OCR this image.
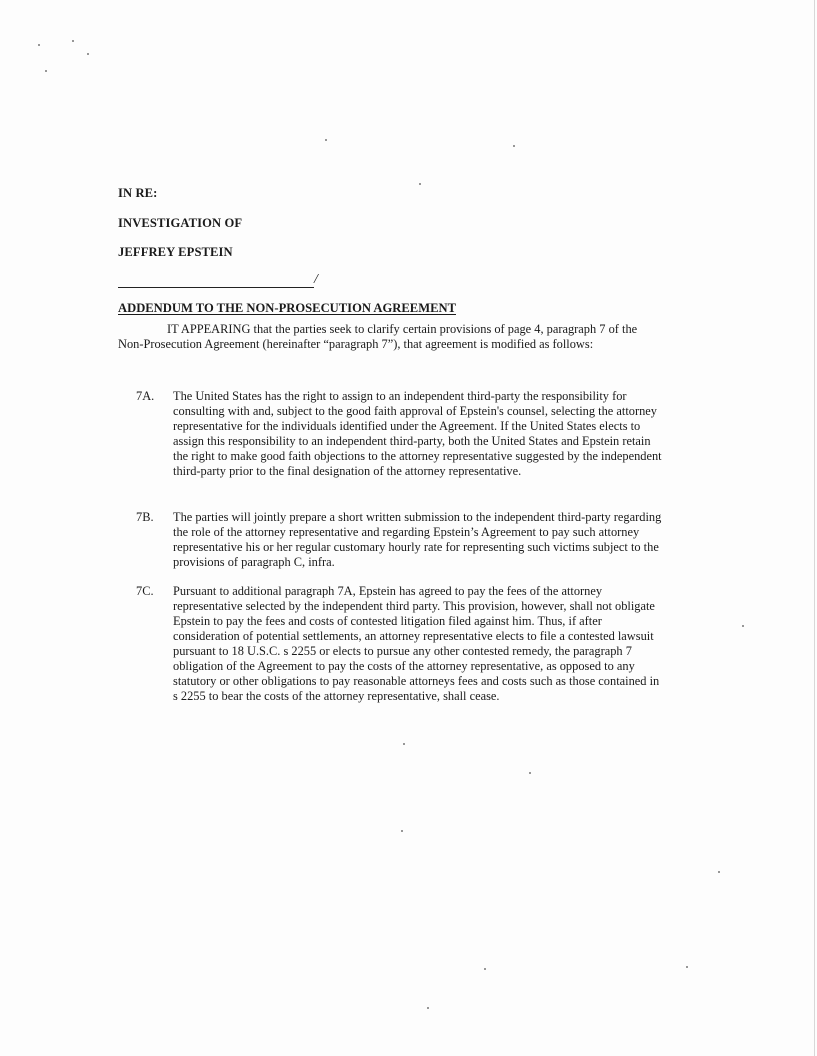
IN RE:
INVESTIGATION OF
JEFFREY EPSTEIN
/
ADDENDUM TO THE NON-PROSECUTION AGREEMENT

IT APPEARING that the parties seek to clarify certain provisions of page 4, paragraph 7 of the Non-Prosecution Agreement (hereinafter “paragraph 7”), that agreement is modified as follows:

7A. The United States has the right to assign to an independent third-party the responsibility for consulting with and, subject to the good faith approval of Epstein's counsel, selecting the attorney representative for the individuals identified under the Agreement. If the United States elects to assign this responsibility to an independent third-party, both the United States and Epstein retain the right to make good faith objections to the attorney representative suggested by the independent third-party prior to the final designation of the attorney representative.
7B. The parties will jointly prepare a short written submission to the independent third-party regarding the role of the attorney representative and regarding Epstein’s Agreement to pay such attorney representative his or her regular customary hourly rate for representing such victims subject to the provisions of paragraph C, infra.
7C. Pursuant to additional paragraph 7A, Epstein has agreed to pay the fees of the attorney representative selected by the independent third party. This provision, however, shall not obligate Epstein to pay the fees and costs of contested litigation filed against him. Thus, if after consideration of potential settlements, an attorney representative elects to file a contested lawsuit pursuant to 18 U.S.C. s 2255 or elects to pursue any other contested remedy, the paragraph 7 obligation of the Agreement to pay the costs of the attorney representative, as opposed to any statutory or other obligations to pay reasonable attorneys fees and costs such as those contained in s 2255 to bear the costs of the attorney representative, shall cease.
